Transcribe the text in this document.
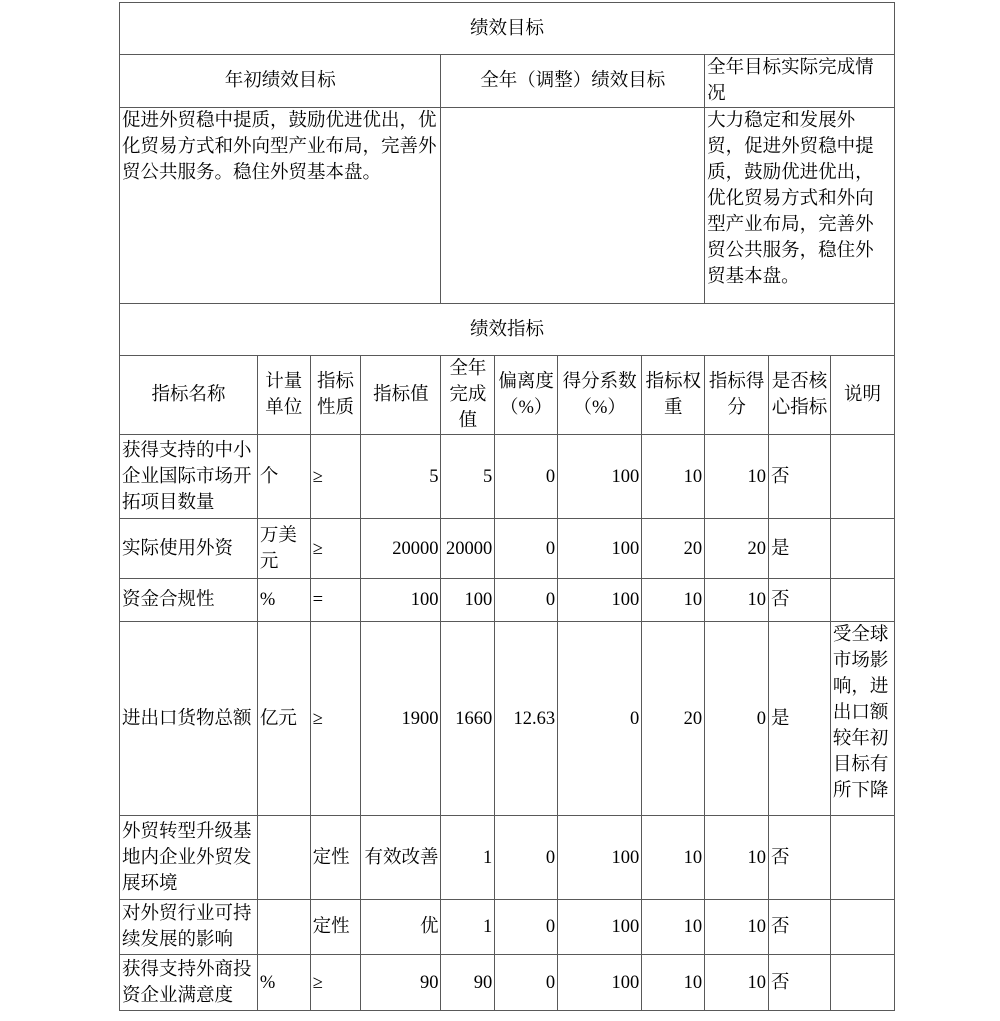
绩效目标										
年初绩效目标				全年（调整）绩效目标				全年目标实际完成情况		
促进外贸稳中提质，鼓励优进优出，优化贸易方式和外向型产业布局，完善外贸公共服务。稳住外贸基本盘。								大力稳定和发展外贸，促进外贸稳中提质，鼓励优进优出，优化贸易方式和外向型产业布局，完善外贸公共服务，稳住外贸基本盘。		
绩效指标										
指标名称	计量单位	指标性质	指标值	全年完成值	偏离度（%）	得分系数（%）	指标权重	指标得分	是否核心指标	说明
获得支持的中小企业国际市场开拓项目数量	个	≥	5	5	0	100	10	10	否	
实际使用外资	万美元	≥	20000	20000	0	100	20	20	是	
资金合规性	%	=	100	100	0	100	10	10	否	
进出口货物总额	亿元	≥	1900	1660	12.63	0	20	0	是	受全球市场影响，进出口额较年初目标有所下降
外贸转型升级基地内企业外贸发展环境		定性	有效改善	1	0	100	10	10	否	
对外贸行业可持续发展的影响		定性	优	1	0	100	10	10	否	
获得支持外商投资企业满意度	%	≥	90	90	0	100	10	10	否	
